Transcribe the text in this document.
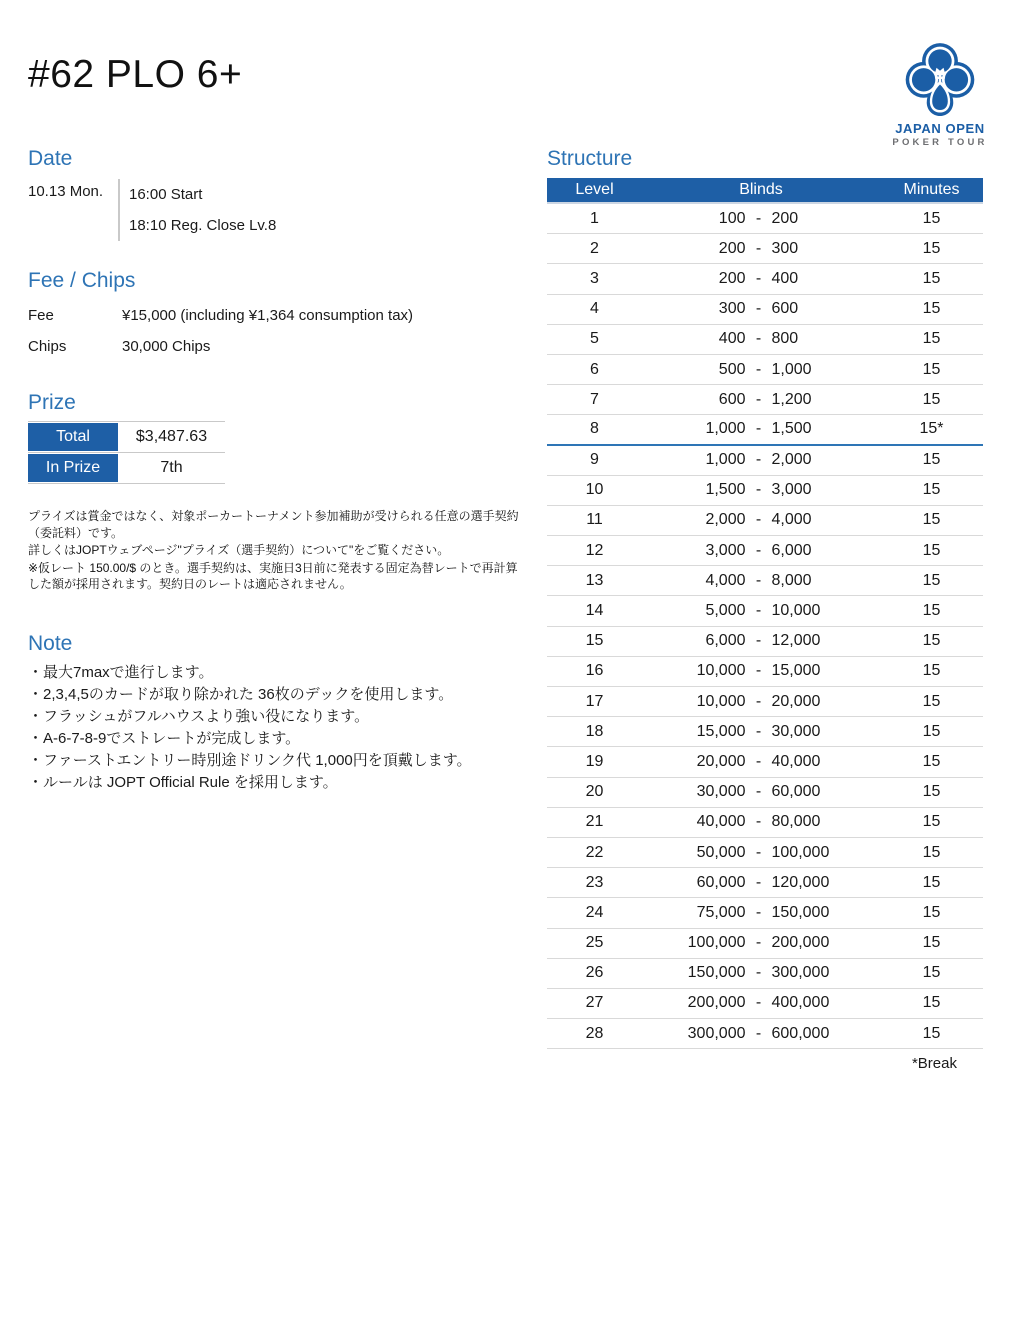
#62 PLO 6+
JAPAN OPEN
POKER TOUR
Date
10.13 Mon.	16:00 Start
18:10 Reg. Close Lv.8
Fee / Chips
Fee	¥15,000 (including ¥1,364 consumption tax)
Chips	30,000 Chips
Prize
Total	$3,487.63
In Prize	7th

プライズは賞金ではなく、対象ポーカートーナメント参加補助が受けられる任意の選手契約（委託料）です。

詳しくはJOPTウェブページ"プライズ（選手契約）について"をご覧ください。

※仮レート 150.00/$ のとき。選手契約は、実施日3日前に発表する固定為替レートで再計算した額が採用されます。契約日のレートは適応されません。

Note
・最大7maxで進行します。
・2,3,4,5のカードが取り除かれた 36枚のデックを使用します。
・フラッシュがフルハウスより強い役になります。
・A-6-7-8-9でストレートが完成します。
・ファーストエントリー時別途ドリンク代 1,000円を頂戴します。
・ルールは JOPT Official Rule を採用します。
Structure
Level	Blinds	Minutes
1	100 - 200	15
2	200 - 300	15
3	200 - 400	15
4	300 - 600	15
5	400 - 800	15
6	500 - 1,000	15
7	600 - 1,200	15
8	1,000 - 1,500	15*
9	1,000 - 2,000	15
10	1,500 - 3,000	15
11	2,000 - 4,000	15
12	3,000 - 6,000	15
13	4,000 - 8,000	15
14	5,000 - 10,000	15
15	6,000 - 12,000	15
16	10,000 - 15,000	15
17	10,000 - 20,000	15
18	15,000 - 30,000	15
19	20,000 - 40,000	15
20	30,000 - 60,000	15
21	40,000 - 80,000	15
22	50,000 - 100,000	15
23	60,000 - 120,000	15
24	75,000 - 150,000	15
25	100,000 - 200,000	15
26	150,000 - 300,000	15
27	200,000 - 400,000	15
28	300,000 - 600,000	15
*Break
